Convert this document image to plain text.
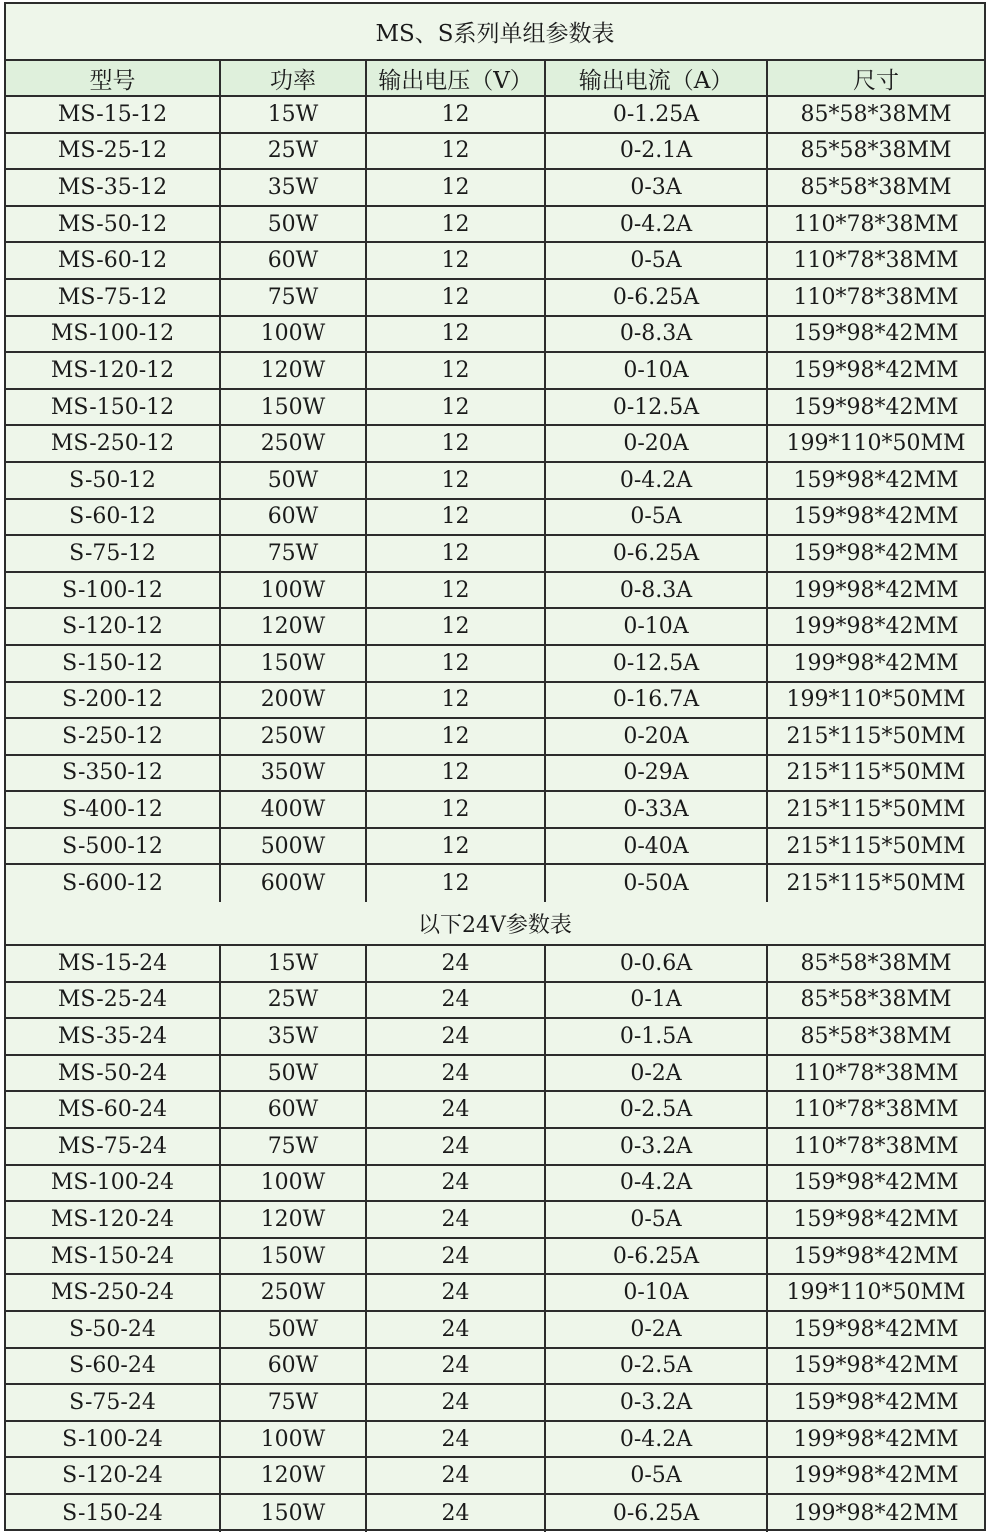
MS、S系列单组参数表
型号	功率	输出电压（V）	输出电流（A）	尺寸
MS-15-12	15W	12	0-1.25A	85*58*38MM
MS-25-12	25W	12	0-2.1A	85*58*38MM
MS-35-12	35W	12	0-3A	85*58*38MM
MS-50-12	50W	12	0-4.2A	110*78*38MM
MS-60-12	60W	12	0-5A	110*78*38MM
MS-75-12	75W	12	0-6.25A	110*78*38MM
MS-100-12	100W	12	0-8.3A	159*98*42MM
MS-120-12	120W	12	0-10A	159*98*42MM
MS-150-12	150W	12	0-12.5A	159*98*42MM
MS-250-12	250W	12	0-20A	199*110*50MM
S-50-12	50W	12	0-4.2A	159*98*42MM
S-60-12	60W	12	0-5A	159*98*42MM
S-75-12	75W	12	0-6.25A	159*98*42MM
S-100-12	100W	12	0-8.3A	199*98*42MM
S-120-12	120W	12	0-10A	199*98*42MM
S-150-12	150W	12	0-12.5A	199*98*42MM
S-200-12	200W	12	0-16.7A	199*110*50MM
S-250-12	250W	12	0-20A	215*115*50MM
S-350-12	350W	12	0-29A	215*115*50MM
S-400-12	400W	12	0-33A	215*115*50MM
S-500-12	500W	12	0-40A	215*115*50MM
S-600-12	600W	12	0-50A	215*115*50MM
以下24V参数表
MS-15-24	15W	24	0-0.6A	85*58*38MM
MS-25-24	25W	24	0-1A	85*58*38MM
MS-35-24	35W	24	0-1.5A	85*58*38MM
MS-50-24	50W	24	0-2A	110*78*38MM
MS-60-24	60W	24	0-2.5A	110*78*38MM
MS-75-24	75W	24	0-3.2A	110*78*38MM
MS-100-24	100W	24	0-4.2A	159*98*42MM
MS-120-24	120W	24	0-5A	159*98*42MM
MS-150-24	150W	24	0-6.25A	159*98*42MM
MS-250-24	250W	24	0-10A	199*110*50MM
S-50-24	50W	24	0-2A	159*98*42MM
S-60-24	60W	24	0-2.5A	159*98*42MM
S-75-24	75W	24	0-3.2A	159*98*42MM
S-100-24	100W	24	0-4.2A	199*98*42MM
S-120-24	120W	24	0-5A	199*98*42MM
S-150-24	150W	24	0-6.25A	199*98*42MM
